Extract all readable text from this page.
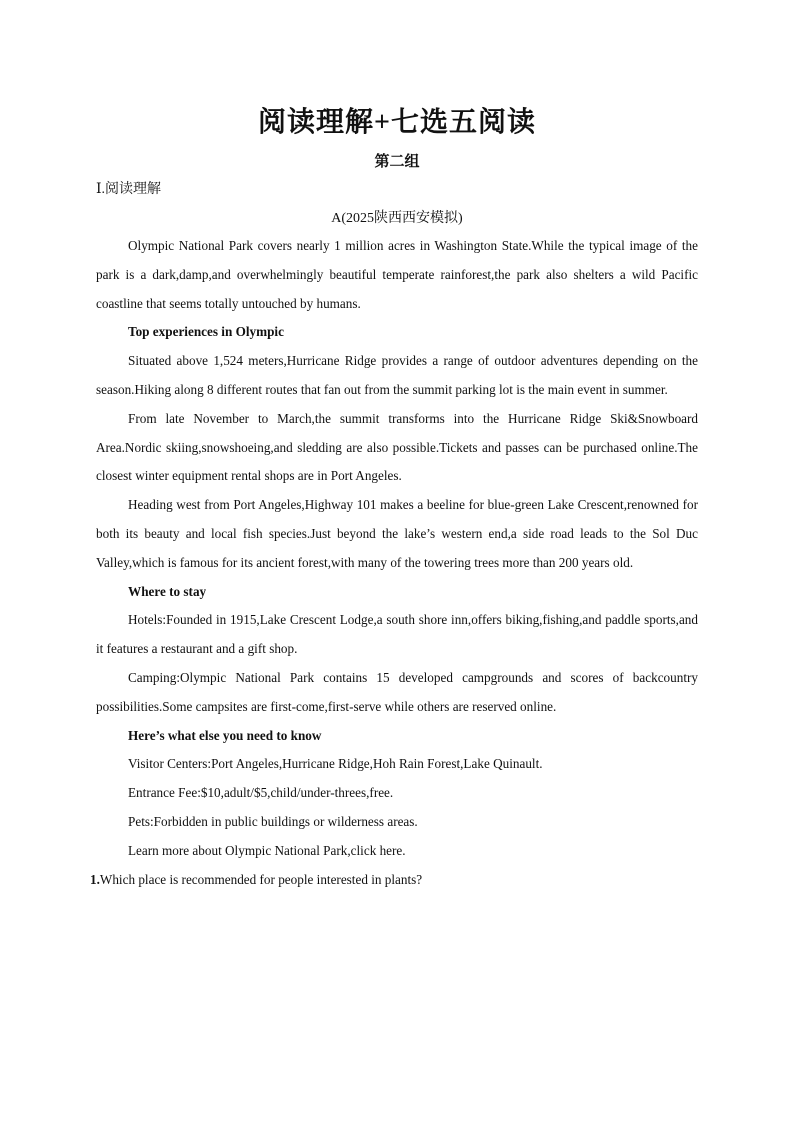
阅读理解+七选五阅读
第二组
Ⅰ.阅读理解
A(2025陕西西安模拟)

Olympic National Park covers nearly 1 million acres in Washington State.While the typical image of the park is a dark,damp,and overwhelmingly beautiful temperate rainforest,the park also shelters a wild Pacific coastline that seems totally untouched by humans.

Top experiences in Olympic

Situated above 1,524 meters,Hurricane Ridge provides a range of outdoor adventures depending on the season.Hiking along 8 different routes that fan out from the summit parking lot is the main event in summer.

From late November to March,the summit transforms into the Hurricane Ridge Ski&Snowboard Area.Nordic skiing,snowshoeing,and sledding are also possible.Tickets and passes can be purchased online.The closest winter equipment rental shops are in Port Angeles.

Heading west from Port Angeles,Highway 101 makes a beeline for blue-green Lake Crescent,renowned for both its beauty and local fish species.Just beyond the lake’s western end,a side road leads to the Sol Duc Valley,which is famous for its ancient forest,with many of the towering trees more than 200 years old.

Where to stay

Hotels:Founded in 1915,Lake Crescent Lodge,a south shore inn,offers biking,fishing,and paddle sports,and it features a restaurant and a gift shop.

Camping:Olympic National Park contains 15 developed campgrounds and scores of backcountry possibilities.Some campsites are first-come,first-serve while others are reserved online.

Here’s what else you need to know

Visitor Centers:Port Angeles,Hurricane Ridge,Hoh Rain Forest,Lake Quinault.

Entrance Fee:$10,adult/$5,child/under-threes,free.

Pets:Forbidden in public buildings or wilderness areas.

Learn more about Olympic National Park,click here.

1.Which place is recommended for people interested in plants?
